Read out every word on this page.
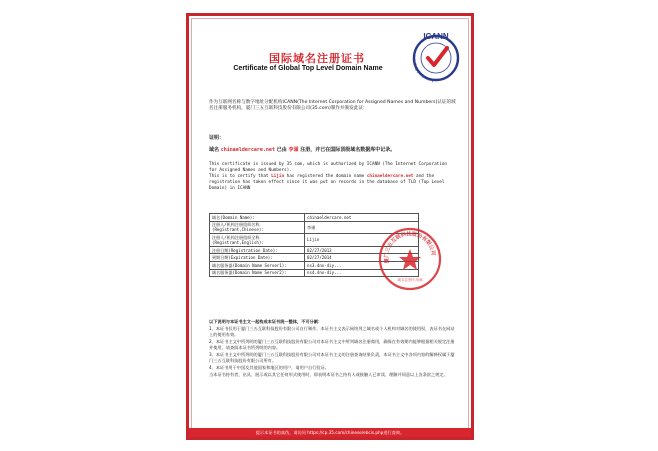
国际域名注册证书
Certificate of Global Top Level Domain Name
ICANN
Accredited Registra
作为互联网名称与数字地址分配机构ICANN(The Internet Corporation for Assigned Names and Numbers)认证的域名注册服务机构，厦门三五互联科技股份有限公司(35.com)制作并颁发此证：
证明：
域名 chinaeldercare.net 已由 李谨 注册，并已在国际顶级域名数据库中记录。
This certificate is issued by 35 com, which is authorized by ICANN (The Internet Corporation for Assigned Names and Numbers).
This is to certify that Lijin has registered the domain name chinaeldercare.net and the registration has taken effect since it was put on records in the database of TLD (Top Level Domain) in ICANN
域名(Domain Name):	chinaeldercare.net
注册人/机构注册组织名称(Registrant,Chinese):	李谨
注册人/机构注册组织全称(Registrant,English):	Lijin
注册日期(Registration Date):	02/27/2013
到期日期(Expiration Date):	02/27/2014
域名服务器(Domain Name Server1):	ns3.4nx-4iy...
域名服务器(Domain Name Server2):	ns4.4nx-4iy...
厦门三五互联科技股份有限公司
域名注册专用章
以下说明与本证书主文一起构成本证书统一整体，不可分割：
1、本证书仅用于厦门三五互联科技股份有限公司自行制作，本证书主文表示网络列之域名或个人机构对域名的使用权，表证书在网站上的使用有效。
2、本证书主文中所列明的厦门三五互联科技股份有限公司对本证书主文中所列域名注册商用，确保在有效期内能够根据相关规定注册并使用，请查阅本证书所列明的内容。
3、本证书主文中所列明的厦门三五互联科技股份有限公司对本证书主文的注册查询结果负责，本证书主文中各项内容的解释权属于厦门三五互联科技股份有限公司所有。
4、本证书用于中国及其他国家和地区的用户，请用户自行验证。
当本证书持有者，出具、展示或以其它任何形式使用时，即表明本证书之持有人或接触人已审读、理解并同意以上各条款之规定。
ID:DSBSC3C1F3160748A9823DC5A0201380
提示本证书的真伪，请访问 https://cp.35.com/chinese/ebcis.php进行查询。
